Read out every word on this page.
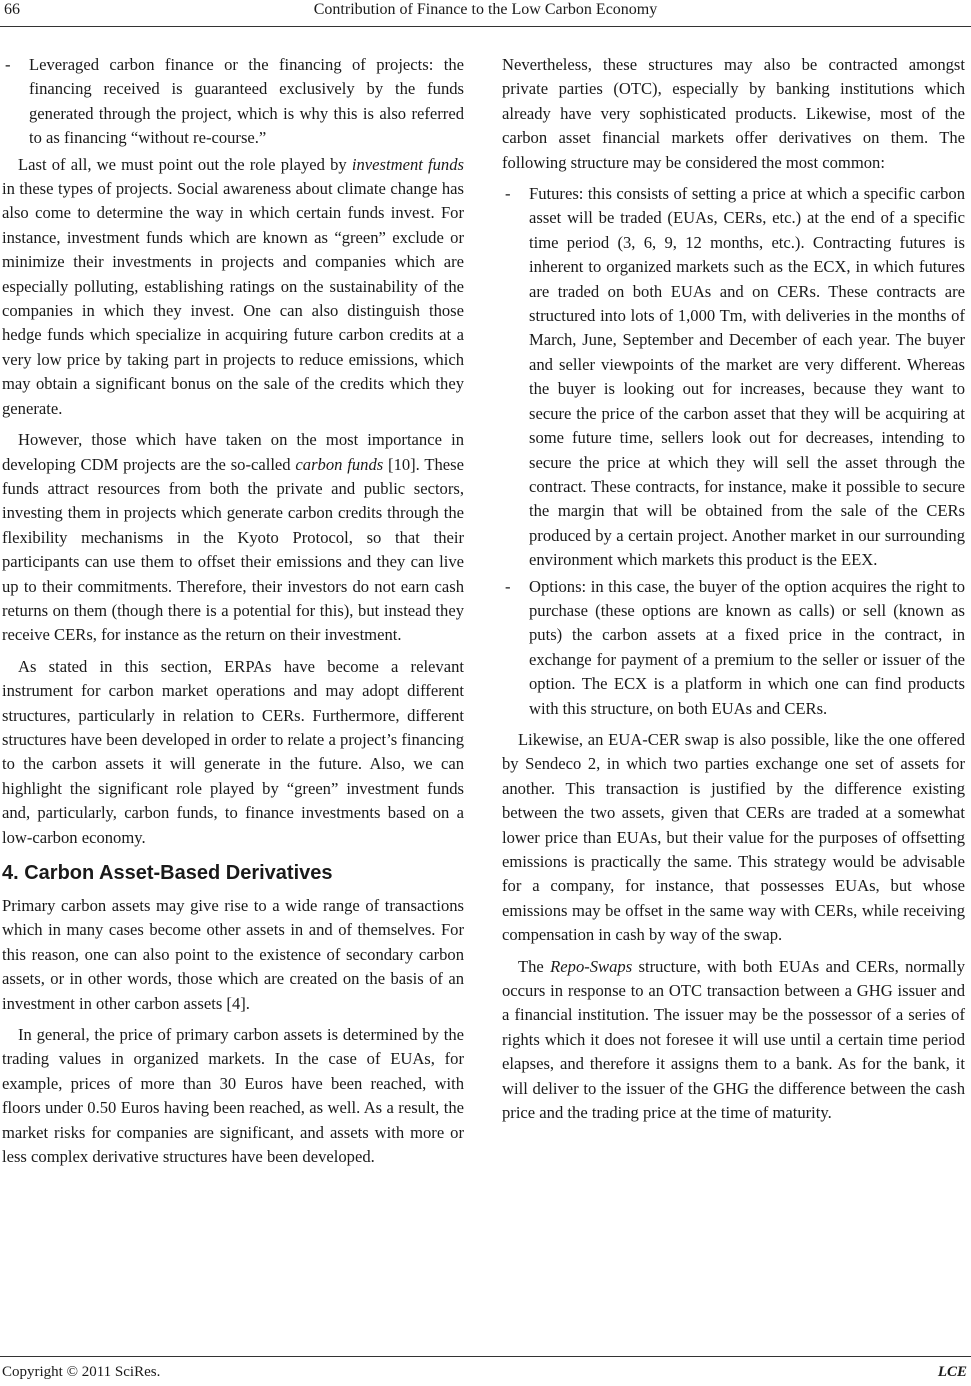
66	Contribution of Finance to the Low Carbon Economy
- Leveraged carbon finance or the financing of projects: the financing received is guaranteed exclusively by the funds generated through the project, which is why this is also referred to as financing “without re-course.”

Last of all, we must point out the role played by investment funds in these types of projects. Social awareness about climate change has also come to determine the way in which certain funds invest. For instance, investment funds which are known as “green” exclude or minimize their investments in projects and companies which are especially polluting, establishing ratings on the sustainability of the companies in which they invest. One can also distinguish those hedge funds which specialize in acquiring future carbon credits at a very low price by taking part in projects to reduce emissions, which may obtain a significant bonus on the sale of the credits which they generate.

However, those which have taken on the most importance in developing CDM projects are the so-called carbon funds [10]. These funds attract resources from both the private and public sectors, investing them in projects which generate carbon credits through the flexibility mechanisms in the Kyoto Protocol, so that their participants can use them to offset their emissions and they can live up to their commitments. Therefore, their investors do not earn cash returns on them (though there is a potential for this), but instead they receive CERs, for instance as the return on their investment.

As stated in this section, ERPAs have become a relevant instrument for carbon market operations and may adopt different structures, particularly in relation to CERs. Furthermore, different structures have been developed in order to relate a project’s financing to the carbon assets it will generate in the future. Also, we can highlight the significant role played by “green” investment funds and, particularly, carbon funds, to finance investments based on a low-carbon economy.

4. Carbon Asset-Based Derivatives

Primary carbon assets may give rise to a wide range of transactions which in many cases become other assets in and of themselves. For this reason, one can also point to the existence of secondary carbon assets, or in other words, those which are created on the basis of an investment in other carbon assets [4].

In general, the price of primary carbon assets is determined by the trading values in organized markets. In the case of EUAs, for example, prices of more than 30 Euros have been reached, with floors under 0.50 Euros having been reached, as well. As a result, the market risks for companies are significant, and assets with more or less complex derivative structures have been developed.

Nevertheless, these structures may also be contracted amongst private parties (OTC), especially by banking institutions which already have very sophisticated products. Likewise, most of the carbon asset financial markets offer derivatives on them. The following structure may be considered the most common:

- Futures: this consists of setting a price at which a specific carbon asset will be traded (EUAs, CERs, etc.) at the end of a specific time period (3, 6, 9, 12 months, etc.). Contracting futures is inherent to organized markets such as the ECX, in which futures are traded on both EUAs and on CERs. These contracts are structured into lots of 1,000 Tm, with deliveries in the months of March, June, September and December of each year. The buyer and seller viewpoints of the market are very different. Whereas the buyer is looking out for increases, because they want to secure the price of the carbon asset that they will be acquiring at some future time, sellers look out for decreases, intending to secure the price at which they will sell the asset through the contract. These contracts, for instance, make it possible to secure the margin that will be obtained from the sale of the CERs produced by a certain project. Another market in our surrounding environment which markets this product is the EEX.
- Options: in this case, the buyer of the option acquires the right to purchase (these options are known as calls) or sell (known as puts) the carbon assets at a fixed price in the contract, in exchange for payment of a premium to the seller or issuer of the option. The ECX is a platform in which one can find products with this structure, on both EUAs and CERs.

Likewise, an EUA-CER swap is also possible, like the one offered by Sendeco 2, in which two parties exchange one set of assets for another. This transaction is justified by the difference existing between the two assets, given that CERs are traded at a somewhat lower price than EUAs, but their value for the purposes of offsetting emissions is practically the same. This strategy would be advisable for a company, for instance, that possesses EUAs, but whose emissions may be offset in the same way with CERs, while receiving compensation in cash by way of the swap.

The Repo-Swaps structure, with both EUAs and CERs, normally occurs in response to an OTC transaction between a GHG issuer and a financial institution. The issuer may be the possessor of a series of rights which it does not foresee it will use until a certain time period elapses, and therefore it assigns them to a bank. As for the bank, it will deliver to the issuer of the GHG the difference between the cash price and the trading price at the time of maturity.

Copyright © 2011 SciRes.	LCE
